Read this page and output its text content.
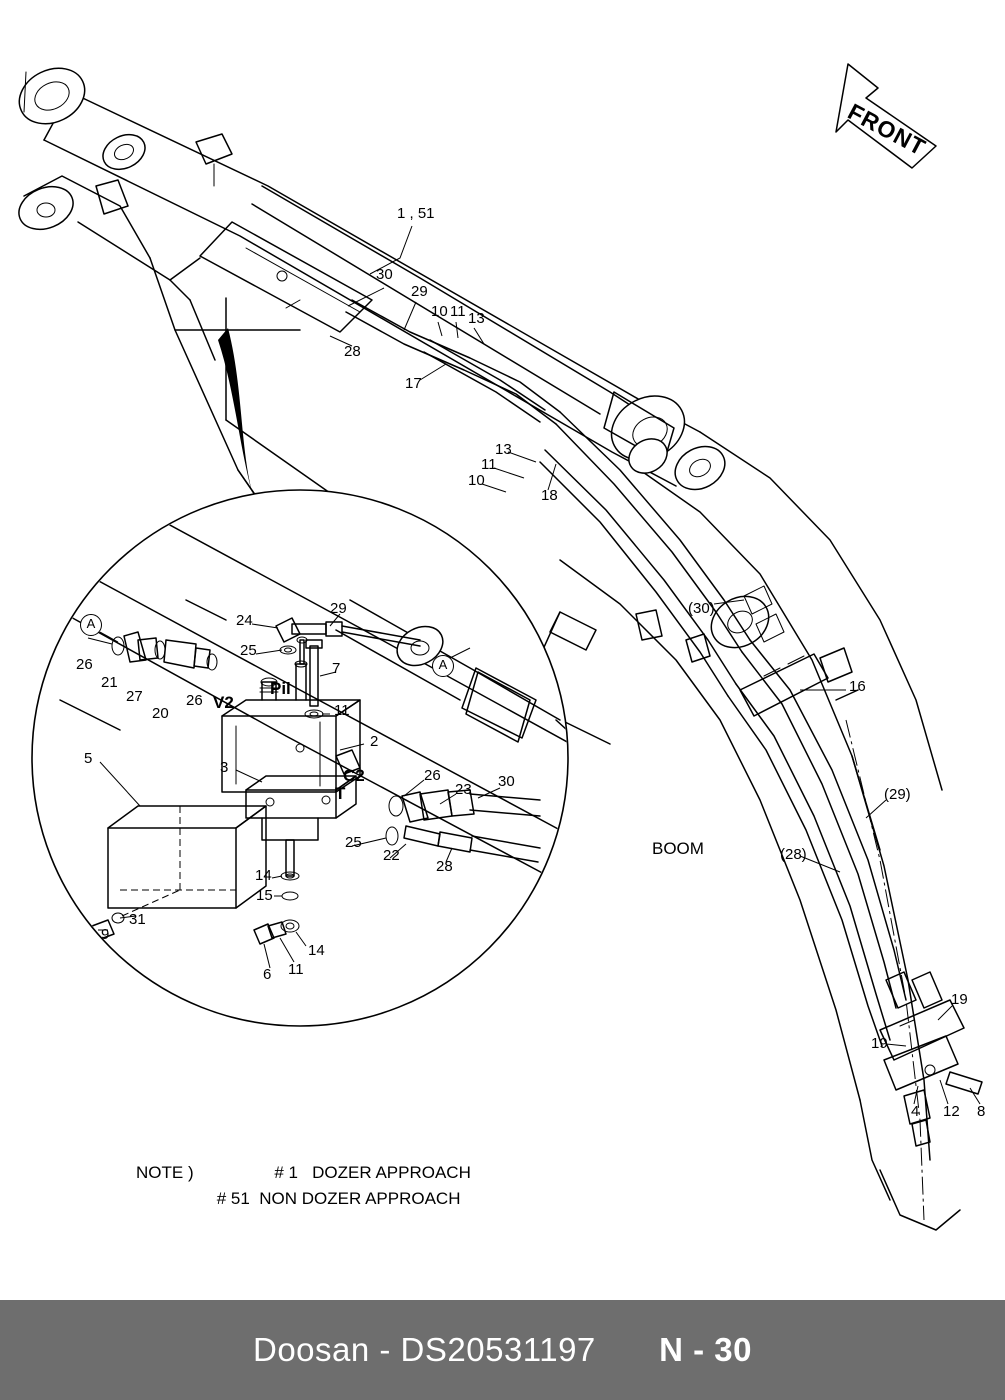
FRONT
1 , 51
30
29
10 11 13
28
17
13
11
10
18
(30)
16
(29)
(28)
BOOM
19
19
4 12 8
24
29
25
26
21
27
20
26
7
11
2
3
5
26
23 30
25
22
28
14
15
31
9
14
6 11
V2
Pil
C2
T
A
A
NOTE )	# 1 DOZER APPROACH
# 51 NON DOZER APPROACH
Doosan - DS20531197 N - 30
